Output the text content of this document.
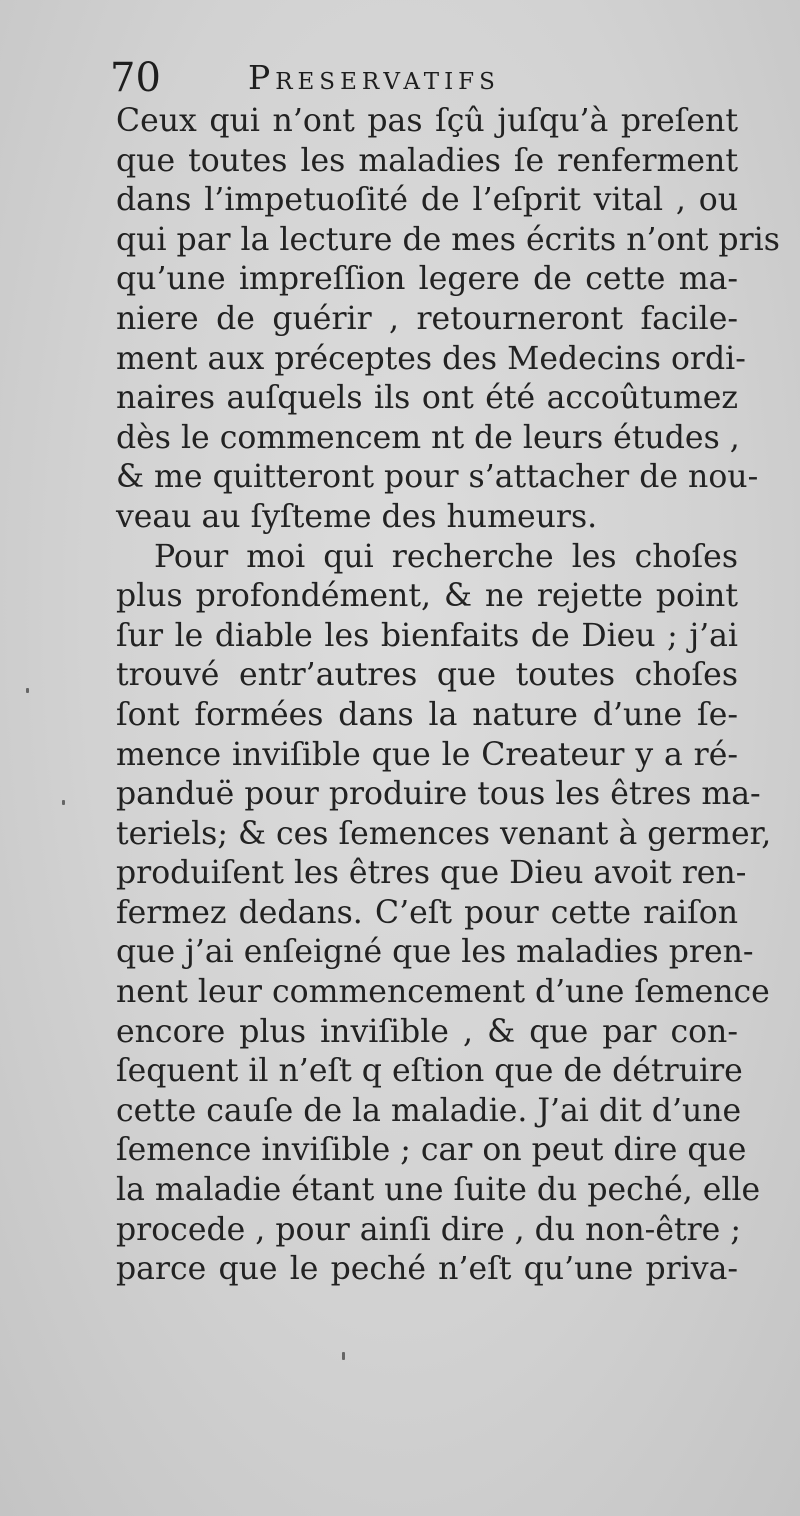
70	Preservatifs
Ceux qui n’ont pas ſçû juſqu’à preſent
que toutes les maladies ſe renferment
dans l’impetuoſité de l’eſprit vital , ou
qui par la lecture de mes écrits n’ont pris
qu’une impreſſion legere de cette ma-
niere de guérir , retourneront facile-
ment aux préceptes des Medecins ordi-
naires auſquels ils ont été accoûtumez
dès le commencem nt de leurs études ,
& me quitteront pour s’attacher de nou-
veau au ſyſteme des humeurs.
Pour moi qui recherche les choſes
plus profondément, & ne rejette point
ſur le diable les bienfaits de Dieu ; j’ai
trouvé entr’autres que toutes choſes
ſont formées dans la nature d’une ſe-
mence inviſible que le Createur y a ré-
panduë pour produire tous les êtres ma-
teriels; & ces ſemences venant à germer,
produiſent les êtres que Dieu avoit ren-
fermez dedans. C’eſt pour cette raiſon
que j’ai enſeigné que les maladies pren-
nent leur commencement d’une ſemence
encore plus inviſible , & que par con-
ſequent il n’eſt q eſtion que de détruire
cette cauſe de la maladie. J’ai dit d’une
ſemence inviſible ; car on peut dire que
la maladie étant une ſuite du peché, elle
procede , pour ainſi dire , du non-être ;
parce que le peché n’eſt qu’une priva-
